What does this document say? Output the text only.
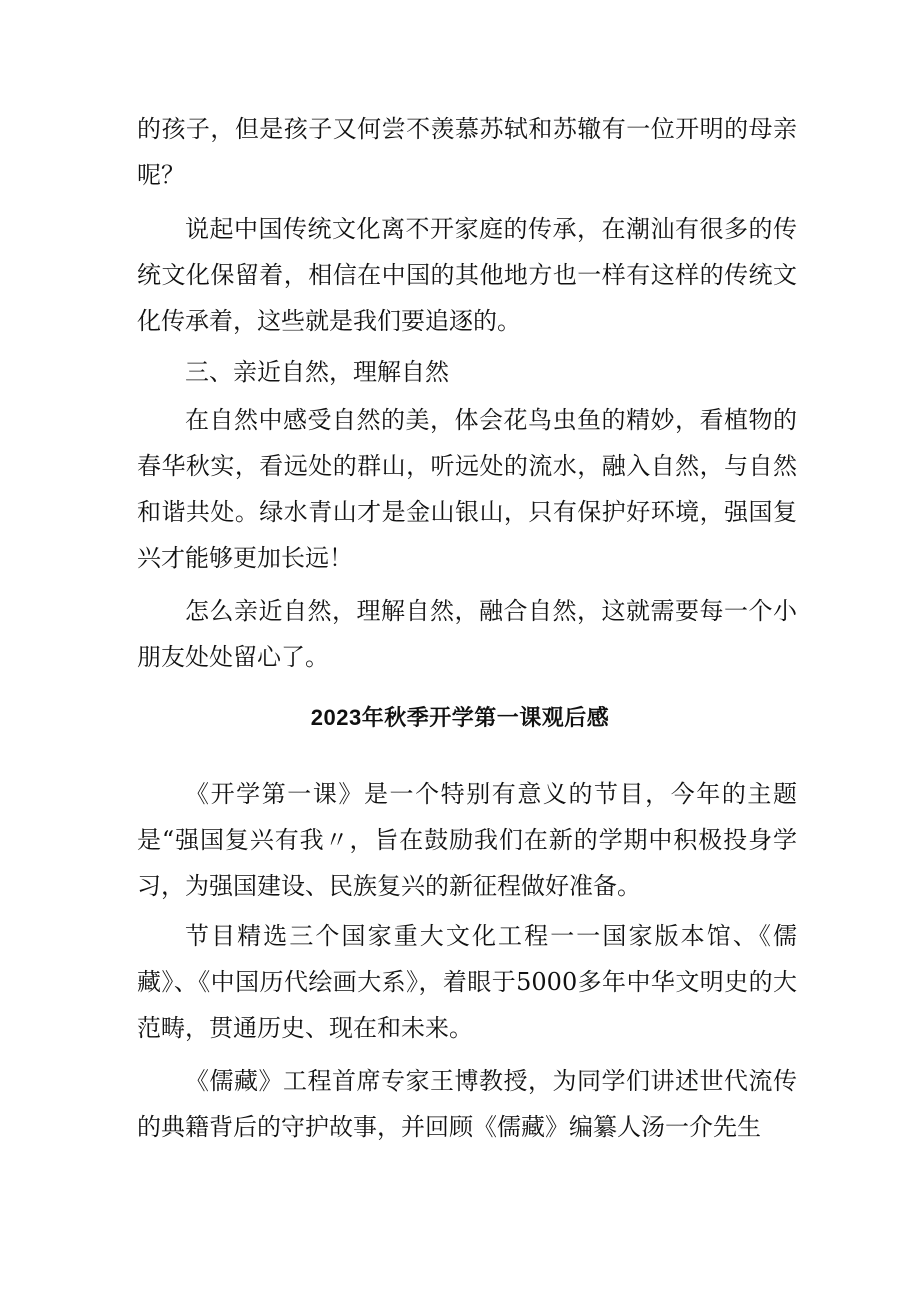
的孩子，但是孩子又何尝不羡慕苏轼和苏辙有一位开明的母亲呢？

说起中国传统文化离不开家庭的传承，在潮汕有很多的传统文化保留着，相信在中国的其他地方也一样有这样的传统文化传承着，这些就是我们要追逐的。

三、亲近自然，理解自然

在自然中感受自然的美，体会花鸟虫鱼的精妙，看植物的春华秋实，看远处的群山，听远处的流水，融入自然，与自然和谐共处。绿水青山才是金山银山，只有保护好环境，强国复兴才能够更加长远！

怎么亲近自然，理解自然，融合自然，这就需要每一个小朋友处处留心了。

2023年秋季开学第一课观后感

《开学第一课》是一个特别有意义的节目，今年的主题是“强国复兴有我〃，旨在鼓励我们在新的学期中积极投身学习，为强国建设、民族复兴的新征程做好准备。

节目精选三个国家重大文化工程一一国家版本馆、《儒藏》、《中国历代绘画大系》，着眼于5000多年中华文明史的大范畴，贯通历史、现在和未来。

《儒藏》工程首席专家王博教授，为同学们讲述世代流传的典籍背后的守护故事，并回顾《儒藏》编纂人汤一介先生
